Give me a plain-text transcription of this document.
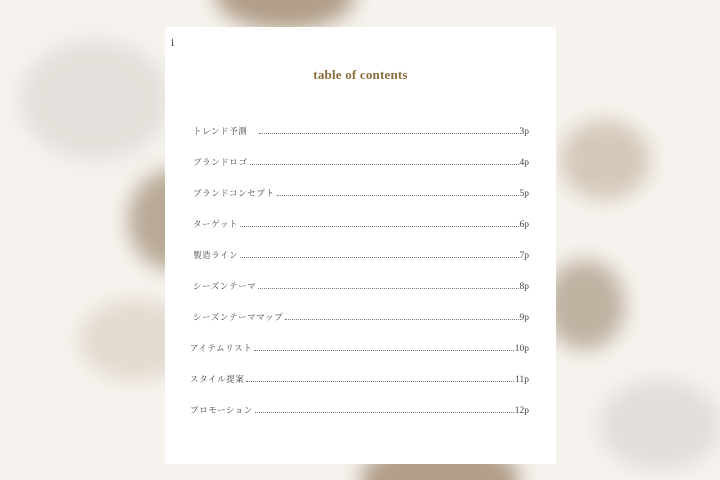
i
table of contents
トレンド予測　	3p
ブランドロゴ	4p
ブランドコンセプト	5p
ターゲット	6p
製造ライン	7p
シーズンテーマ	8p
シーズンテーママップ	9p
アイテムリスト	10p
スタイル提案	11p
プロモーション	12p
